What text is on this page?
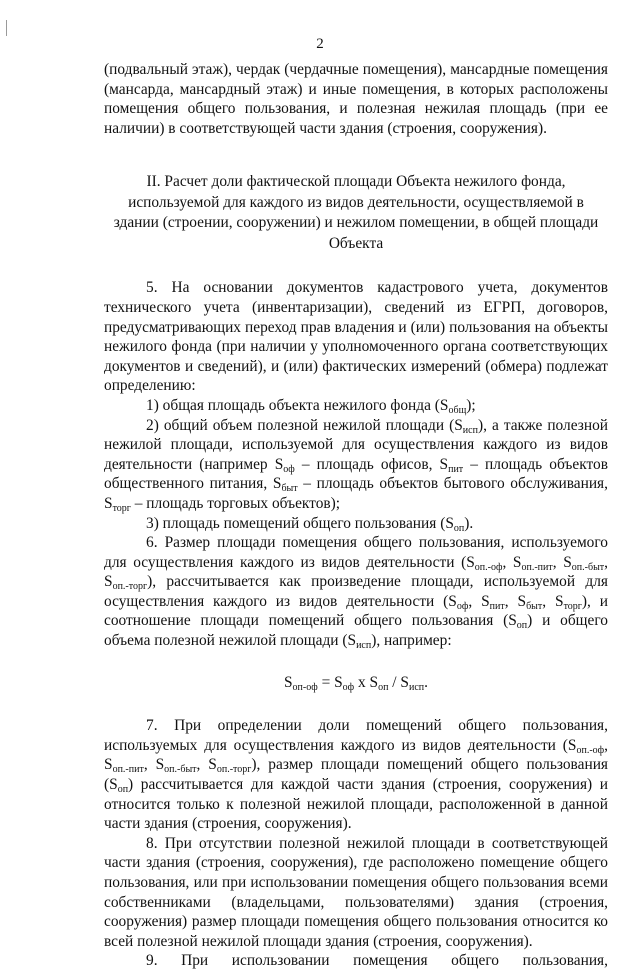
2

(подвальный этаж), чердак (чердачные помещения), мансардные помещения (мансарда, мансардный этаж) и иные помещения, в которых расположены помещения общего пользования, и полезная нежилая площадь (при ее наличии) в соответствующей части здания (строения, сооружения).

II. Расчет доли фактической площади Объекта нежилого фонда, используемой для каждого из видов деятельности, осуществляемой в здании (строении, сооружении) и нежилом помещении, в общей площади Объекта

5. На основании документов кадастрового учета, документов технического учета (инвентаризации), сведений из ЕГРП, договоров, предусматривающих переход прав владения и (или) пользования на объекты нежилого фонда (при наличии у уполномоченного органа соответствующих документов и сведений), и (или) фактических измерений (обмера) подлежат определению:

1) общая площадь объекта нежилого фонда $(S_{общ})$;

2) общий объем полезной нежилой площади $(S_{исп})$, а также полезной нежилой площади, используемой для осуществления каждого из видов деятельности (например $S_{оф}$ – площадь офисов, $S_{пит}$ – площадь объектов общественного питания, $S_{быт}$ – площадь объектов бытового обслуживания, $S_{торг}$ – площадь торговых объектов);

3) площадь помещений общего пользования $(S_{оп})$.

6. Размер площади помещения общего пользования, используемого для осуществления каждого из видов деятельности ($S_{оп.-оф}$, $S_{оп.-пит}$, $S_{оп.-быт}$, $S_{оп.-торг}$), рассчитывается как произведение площади, используемой для осуществления каждого из видов деятельности ($S_{оф}$, $S_{пит}$, $S_{быт}$, $S_{торг}$), и соотношение площади помещений общего пользования $(S_{оп})$ и общего объема полезной нежилой площади $(S_{исп})$, например:

$S_{оп-оф} = S_{оф}$ x $S_{оп} / S_{исп}$.

7. При определении доли помещений общего пользования, используемых для осуществления каждого из видов деятельности ($S_{оп.-оф}$, $S_{оп.-пит}$, $S_{оп.-быт}$, $S_{оп.-торг}$), размер площади помещений общего пользования $(S_{оп})$ рассчитывается для каждой части здания (строения, сооружения) и относится только к полезной нежилой площади, расположенной в данной части здания (строения, сооружения).

8. При отсутствии полезной нежилой площади в соответствующей части здания (строения, сооружения), где расположено помещение общего пользования, или при использовании помещения общего пользования всеми собственниками (владельцами, пользователями) здания (строения, сооружения) размер площади помещения общего пользования относится ко всей полезной нежилой площади здания (строения, сооружения).

9. При использовании помещения общего пользования,
